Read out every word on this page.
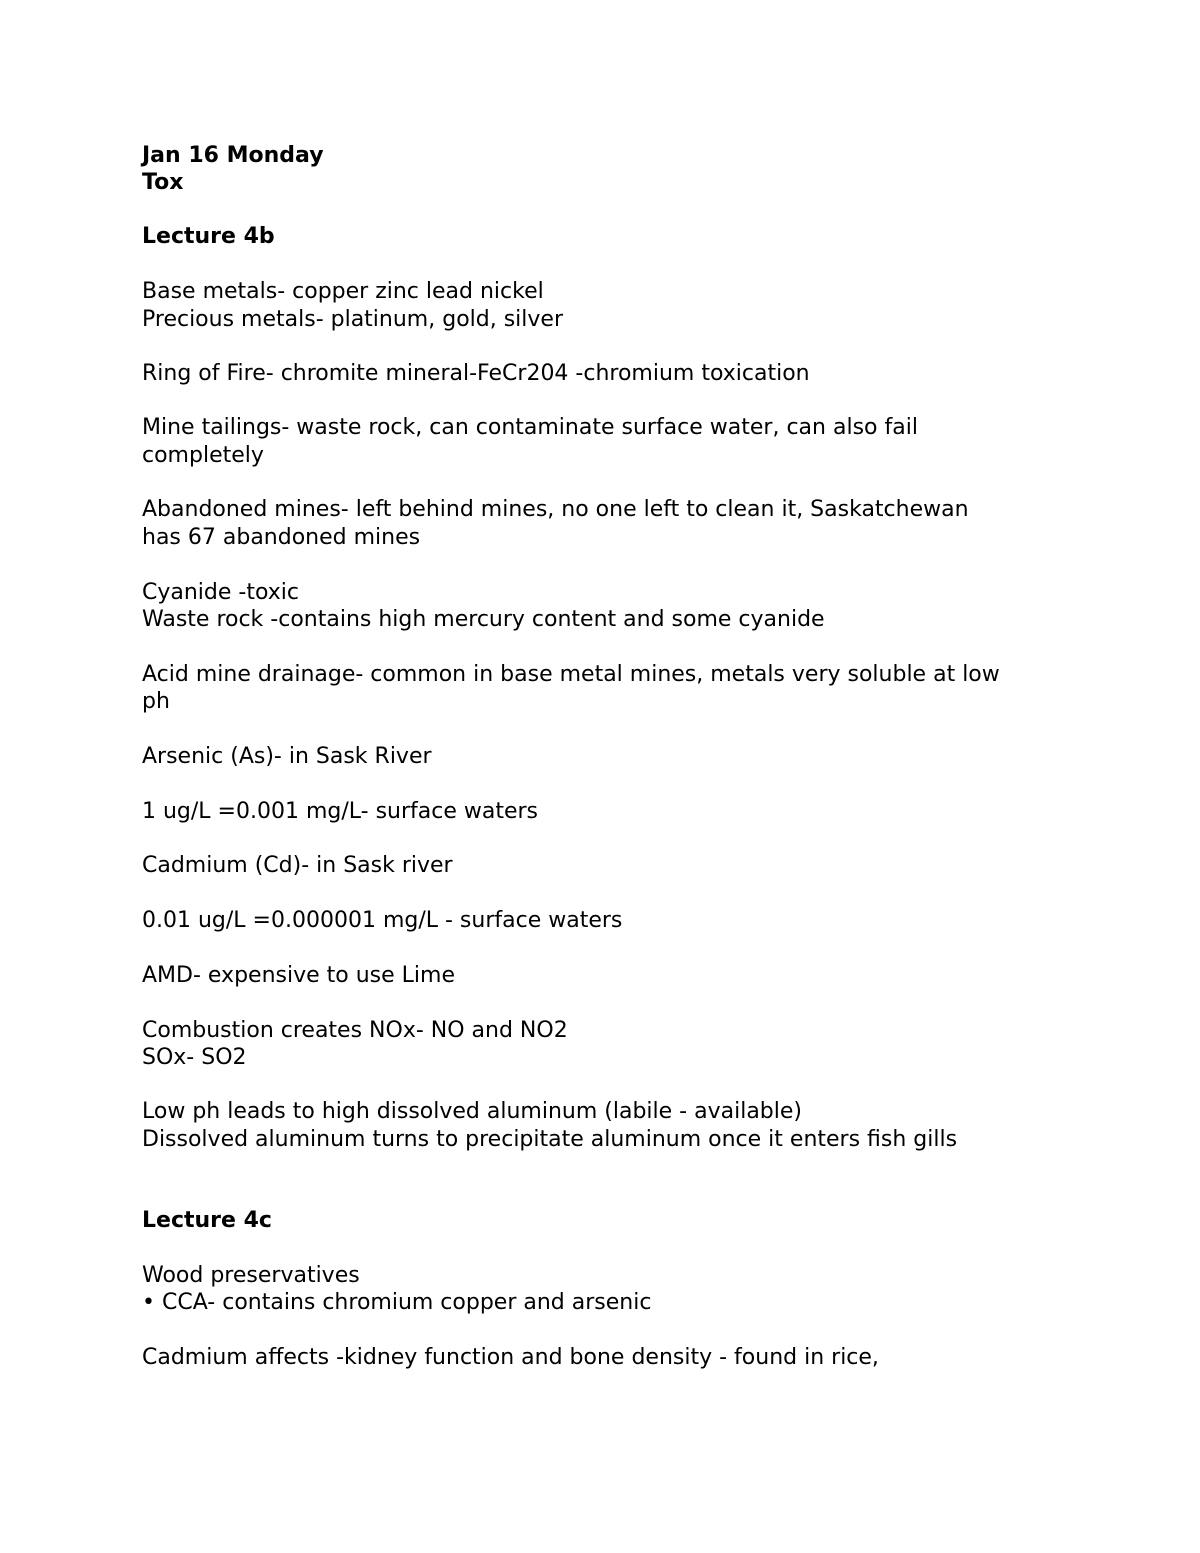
Jan 16 Monday
Tox
Lecture 4b
Base metals- copper zinc lead nickel
Precious metals- platinum, gold, silver
Ring of Fire- chromite mineral-FeCr204 -chromium toxication
Mine tailings- waste rock, can contaminate surface water, can also fail
completely
Abandoned mines- left behind mines, no one left to clean it, Saskatchewan
has 67 abandoned mines
Cyanide -toxic
Waste rock -contains high mercury content and some cyanide
Acid mine drainage- common in base metal mines, metals very soluble at low
ph
Arsenic (As)- in Sask River
1 ug/L =0.001 mg/L- surface waters
Cadmium (Cd)- in Sask river
0.01 ug/L =0.000001 mg/L - surface waters
AMD- expensive to use Lime
Combustion creates NOx- NO and NO2
SOx- SO2
Low ph leads to high dissolved aluminum (labile - available)
Dissolved aluminum turns to precipitate aluminum once it enters fish gills
Lecture 4c
Wood preservatives
• CCA- contains chromium copper and arsenic
Cadmium affects -kidney function and bone density - found in rice,
